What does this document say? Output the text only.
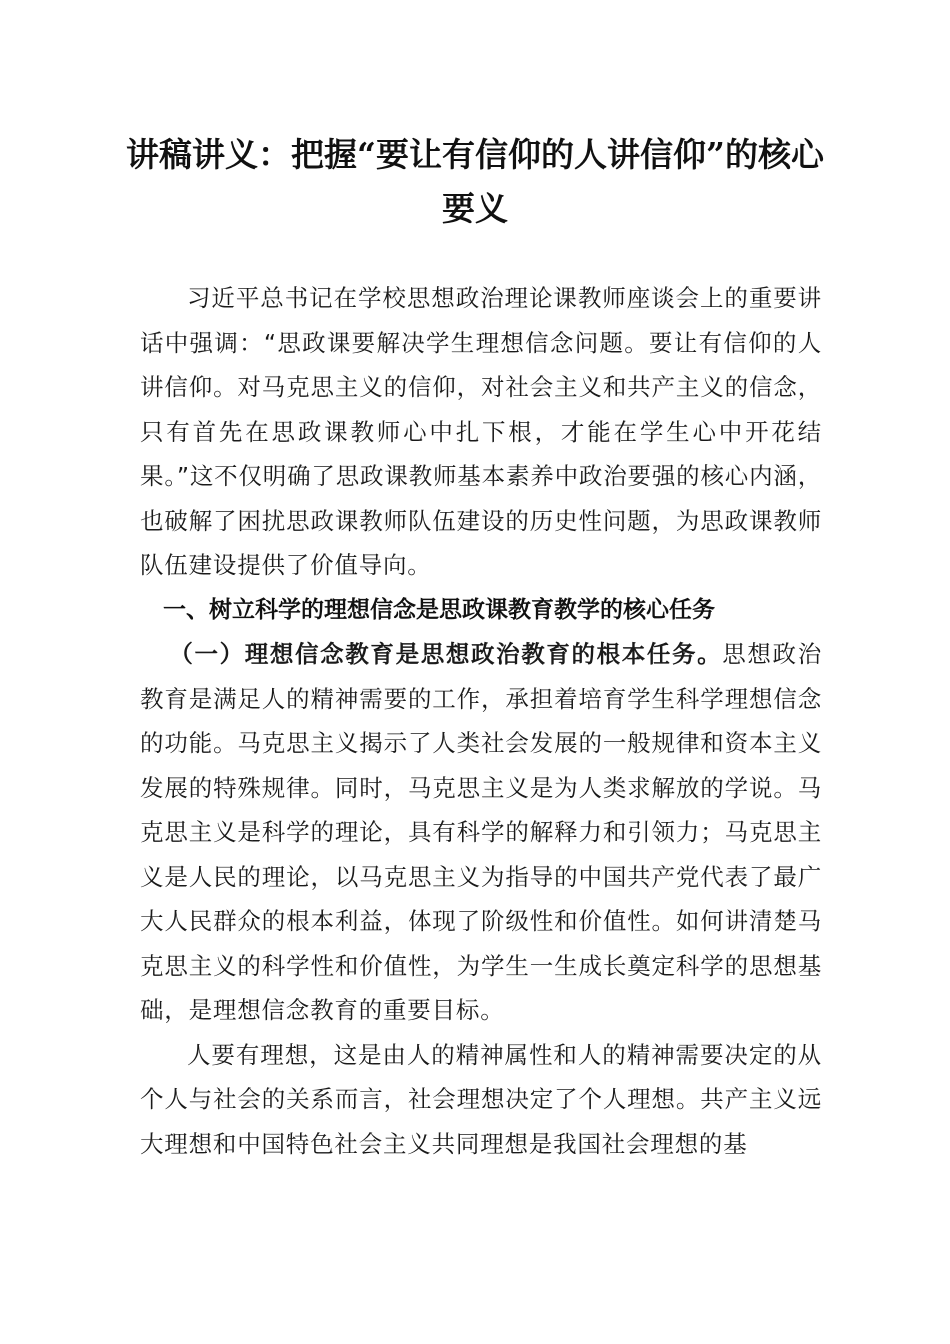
讲稿讲义：把握“要让有信仰的人讲信仰”的核心要义

习近平总书记在学校思想政治理论课教师座谈会上的重要讲话中强调：“思政课要解决学生理想信念问题。要让有信仰的人讲信仰。对马克思主义的信仰，对社会主义和共产主义的信念，只有首先在思政课教师心中扎下根，才能在学生心中开花结果。”这不仅明确了思政课教师基本素养中政治要强的核心内涵，也破解了困扰思政课教师队伍建设的历史性问题，为思政课教师队伍建设提供了价值导向。

一、树立科学的理想信念是思政课教育教学的核心任务

（一）理想信念教育是思想政治教育的根本任务。思想政治教育是满足人的精神需要的工作，承担着培育学生科学理想信念的功能。马克思主义揭示了人类社会发展的一般规律和资本主义发展的特殊规律。同时，马克思主义是为人类求解放的学说。马克思主义是科学的理论，具有科学的解释力和引领力；马克思主义是人民的理论，以马克思主义为指导的中国共产党代表了最广大人民群众的根本利益，体现了阶级性和价值性。如何讲清楚马克思主义的科学性和价值性，为学生一生成长奠定科学的思想基础，是理想信念教育的重要目标。

人要有理想，这是由人的精神属性和人的精神需要决定的从个人与社会的关系而言，社会理想决定了个人理想。共产主义远大理想和中国特色社会主义共同理想是我国社会理想的基
